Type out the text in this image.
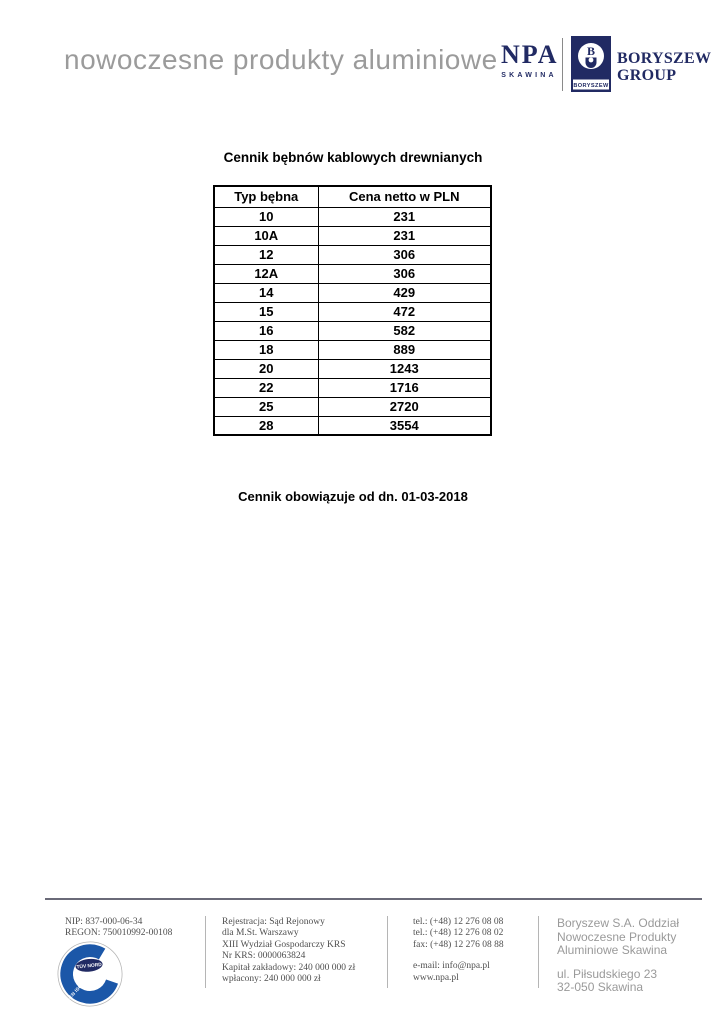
nowoczesne produkty aluminiowe NPA
SKAWINA
B
BORYSZEW
BORYSZEW
GROUP
Cennik bębnów kablowych drewnianych
Typ bębna	Cena netto w PLN
10	231
10A	231
12	306
12A	306
14	429
15	472
16	582
18	889
20	1243
22	1716
25	2720
28	3554
Cennik obowiązuje od dn. 01-03-2018
NIP: 837-000-06-34
REGON: 750010992-00108
TÜV NORD
PN-EN ISO 9001
Rejestracja: Sąd Rejonowy
dla M.St. Warszawy
XIII Wydział Gospodarczy KRS
Nr KRS: 0000063824
Kapitał zakładowy: 240 000 000 zł
wpłacony: 240 000 000 zł
tel.: (+48) 12 276 08 08
tel.: (+48) 12 276 08 02
fax: (+48) 12 276 08 88
e-mail: info@npa.pl
www.npa.pl
Boryszew S.A. Oddział
Nowoczesne Produkty
Aluminiowe Skawina
ul. Piłsudskiego 23
32-050 Skawina
